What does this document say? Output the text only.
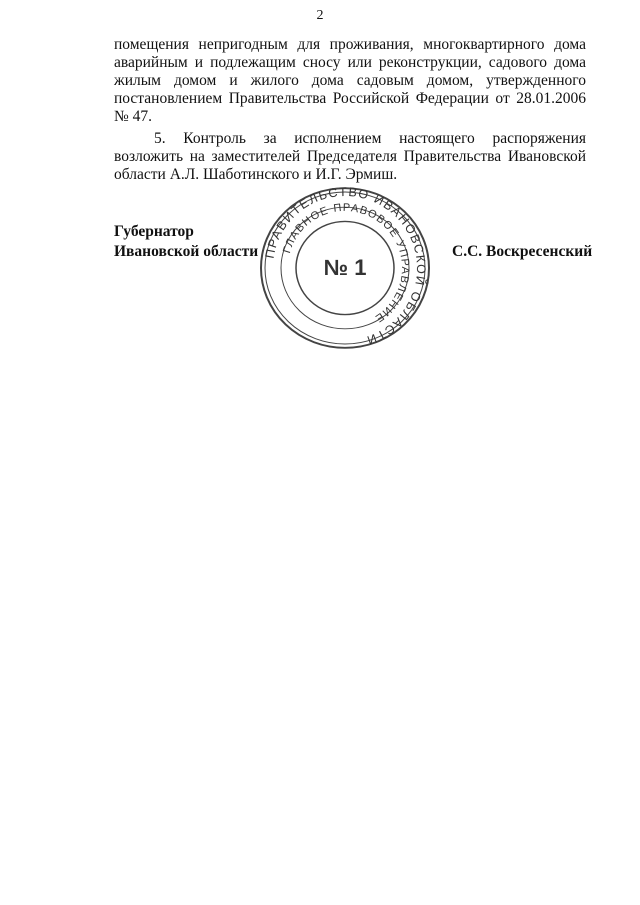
2

помещения непригодным для проживания, многоквартирного дома аварийным и подлежащим сносу или реконструкции, садового дома жилым домом и жилого дома садовым домом, утвержденного постановлением Правительства Российской Федерации от 28.01.2006 № 47.

5. Контроль за исполнением настоящего распоряжения возложить на заместителей Председателя Правительства Ивановской области А.Л. Шаботинского и И.Г. Эрмиш.

Губернатор
Ивановской области	С.С. Воскресенский
ПРАВИТЕЛЬСТВО ИВАНОВСКОЙ ОБЛАСТИ
ГЛАВНОЕ ПРАВОВОЕ УПРАВЛЕНИЕ
№ 1
